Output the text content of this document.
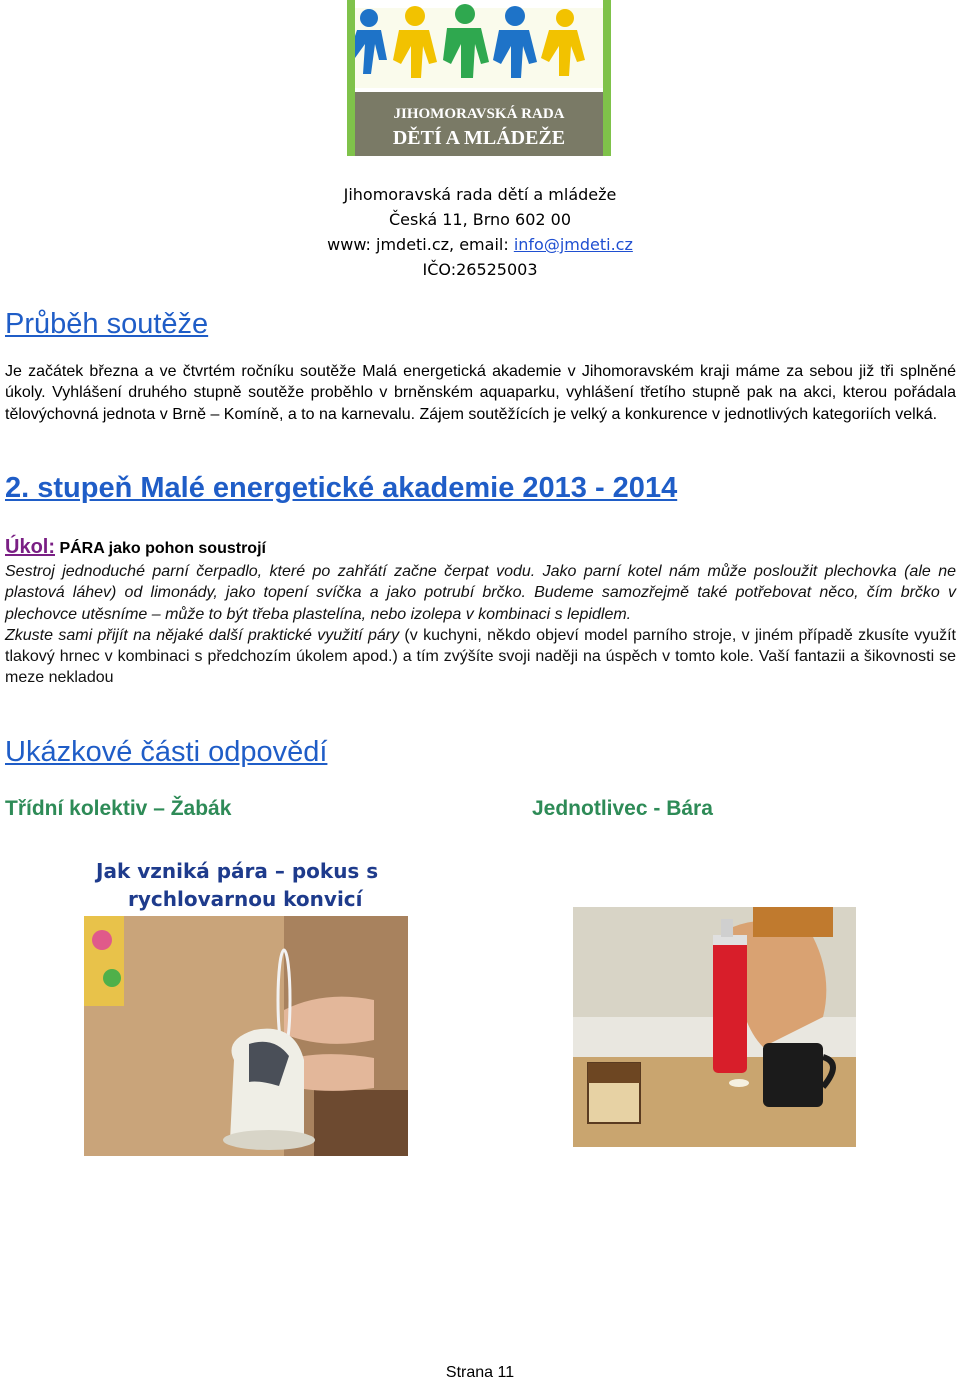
JIHOMORAVSKÁ RADA
DĚTÍ A MLÁDEŽE
Jihomoravská rada dětí a mládeže
Česká 11, Brno 602 00
www: jmdeti.cz, email: info@jmdeti.cz
IČO:26525003
Průběh soutěže
Je začátek března a ve čtvrtém ročníku soutěže Malá energetická akademie v Jihomoravském kraji máme za sebou již tři splněné úkoly. Vyhlášení druhého stupně soutěže proběhlo v brněnském aquaparku, vyhlášení třetího stupně pak na akci, kterou pořádala tělovýchovná jednota v Brně – Komíně, a to na karnevalu. Zájem soutěžících je velký a konkurence v jednotlivých kategoriích velká.
2. stupeň Malé energetické akademie 2013 - 2014
Úkol: PÁRA jako pohon soustrojí
Sestroj jednoduché parní čerpadlo, které po zahřátí začne čerpat vodu. Jako parní kotel nám může posloužit plechovka (ale ne plastová láhev) od limonády, jako topení svíčka a jako potrubí brčko. Budeme samozřejmě také potřebovat něco, čím brčko v plechovce utěsníme – může to být třeba plastelína, nebo izolepa v kombinaci s lepidlem.
Zkuste sami přijít na nějaké další praktické využití páry (v kuchyni, někdo objeví model parního stroje, v jiném případě zkusíte využít tlakový hrnec v kombinaci s předchozím úkolem apod.) a tím zvýšíte svoji naději na úspěch v tomto kole. Vaší fantazii a šikovnosti se meze nekladou
Ukázkové části odpovědí
Třídní kolektiv – Žabák	Jednotlivec - Bára
Jak vzniká pára – pokus s
rychlovarnou konvicí
Strana 11
